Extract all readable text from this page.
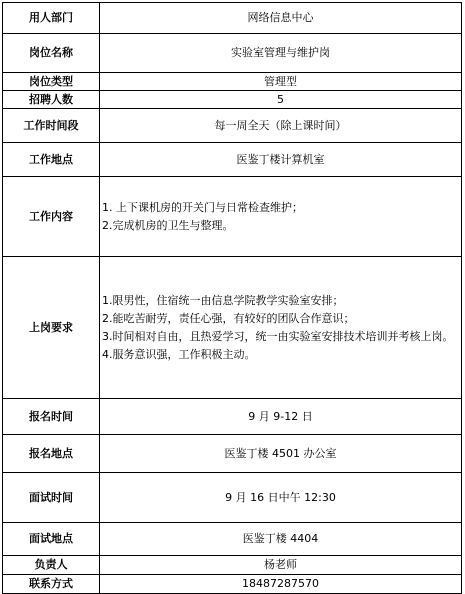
用人部门	网络信息中心
岗位名称	实验室管理与维护岗
岗位类型	管理型
招聘人数	5
工作时间段	每一周全天（除上课时间）
工作地点	医鉴丁楼计算机室
工作内容	1. 上下课机房的开关门与日常检查维护；
2.完成机房的卫生与整理。

上岗要求	1.限男性，住宿统一由信息学院教学实验室安排；
2.能吃苦耐劳，责任心强，有较好的团队合作意识；
3.时间相对自由，且热爱学习，统一由实验室安排技术培训并考核上岗。
4.服务意识强，工作积极主动。

报名时间	9 月 9-12 日
报名地点	医鉴丁楼 4501 办公室
面试时间	9 月 16 日中午 12:30
面试地点	医鉴丁楼 4404
负责人	杨老师
联系方式	18487287570
